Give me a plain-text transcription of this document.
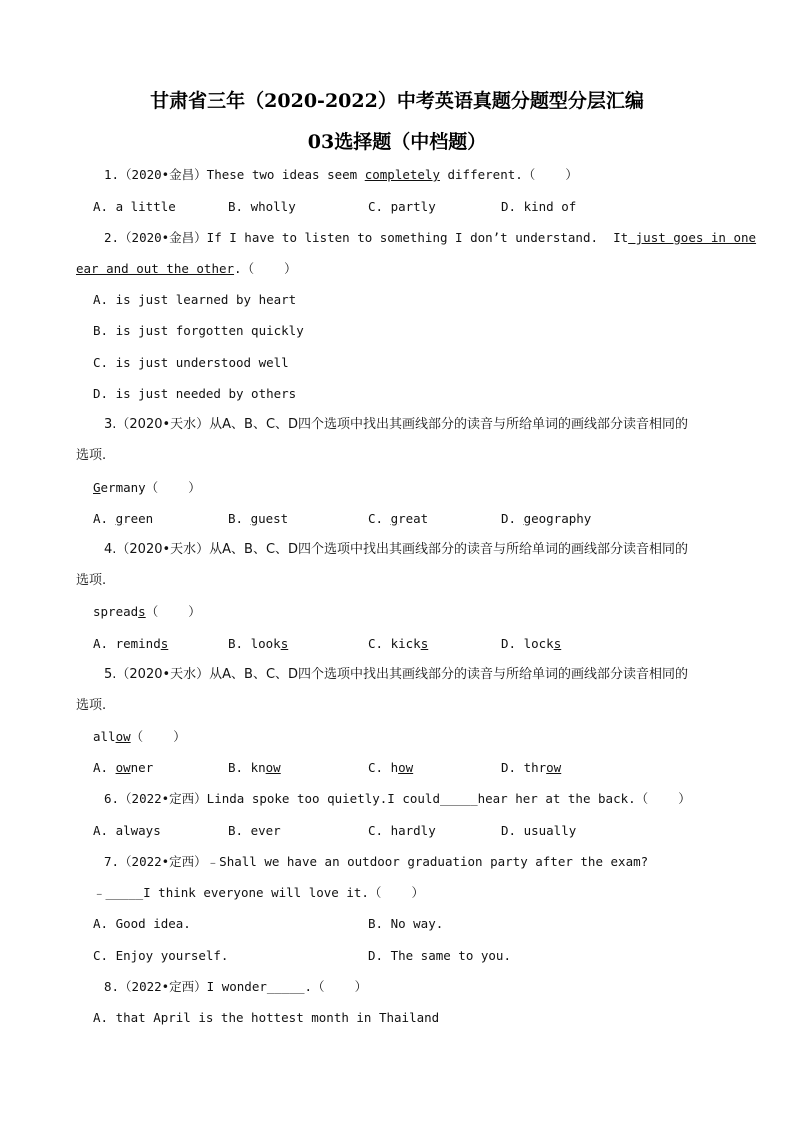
甘肃省三年（2020-2022）中考英语真题分题型分层汇编
03选择题（中档题）
1.（2020•金昌）These two ideas seem completely different.（    ）
A. a little	B. wholly	C. partly	D. kind of
2.（2020•金昌）If I have to listen to something I don’t understand.  It just goes in one
ear and out the other.（    ）
A. is just learned by heart
B. is just forgotten quickly
C. is just understood well
D. is just needed by others
3.（2020•天水）从A、B、C、D四个选项中找出其画线部分的读音与所给单词的画线部分读音相同的
选项.
Germany（    ）
A. green	B. guest	C. great	D. geography
4.（2020•天水）从A、B、C、D四个选项中找出其画线部分的读音与所给单词的画线部分读音相同的
选项.
spreads（    ）
A. reminds	B. looks	C. kicks	D. locks
5.（2020•天水）从A、B、C、D四个选项中找出其画线部分的读音与所给单词的画线部分读音相同的
选项.
allow（    ）
A. owner	B. know	C. how	D. throw
6.（2022•定西）Linda spoke too quietly.I could_____hear her at the back.（    ）
A. always	B. ever	C. hardly	D. usually
7.（2022•定西）﹣Shall we have an outdoor graduation party after the exam?
﹣_____I think everyone will love it.（    ）
A. Good idea.	B. No way.
C. Enjoy yourself.	D. The same to you.
8.（2022•定西）I wonder_____.（    ）
A. that April is the hottest month in Thailand
